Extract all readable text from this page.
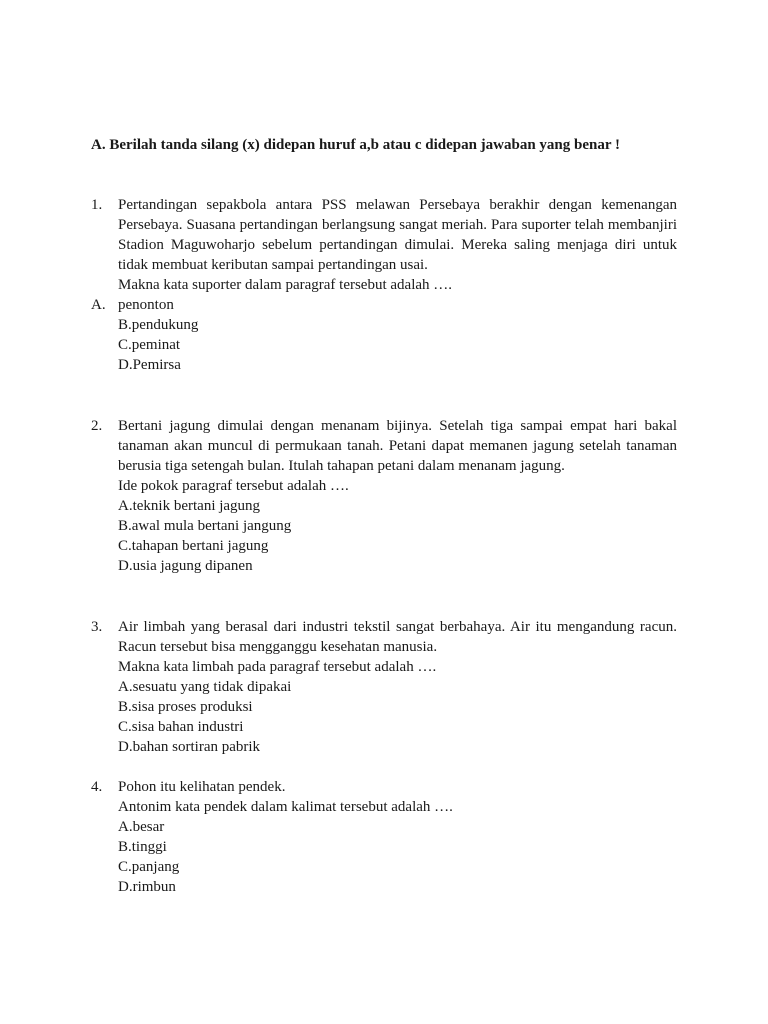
A. Berilah tanda silang (x) didepan huruf a,b atau c didepan jawaban yang benar !
1.	Pertandingan sepakbola antara PSS melawan Persebaya berakhir dengan kemenangan Persebaya. Suasana pertandingan berlangsung sangat meriah. Para suporter telah membanjiri Stadion Maguwoharjo sebelum pertandingan dimulai. Mereka saling menjaga diri untuk tidak membuat keributan sampai pertandingan usai.
Makna kata suporter dalam paragraf tersebut adalah ….
A. penonton
B.pendukung
C.peminat
D.Pemirsa
2.	Bertani jagung dimulai dengan menanam bijinya. Setelah tiga sampai empat hari bakal tanaman akan muncul di permukaan tanah. Petani dapat memanen jagung setelah tanaman berusia tiga setengah bulan. Itulah tahapan petani dalam menanam jagung.
Ide pokok paragraf tersebut adalah ….
A.teknik bertani jagung
B.awal mula bertani jangung
C.tahapan bertani jagung
D.usia jagung dipanen
3.	Air limbah yang berasal dari industri tekstil sangat berbahaya. Air itu mengandung racun. Racun tersebut bisa mengganggu kesehatan manusia.
Makna kata limbah pada paragraf tersebut adalah ….
A.sesuatu yang tidak dipakai
B.sisa proses produksi
C.sisa bahan industri
D.bahan sortiran pabrik
4.	Pohon itu kelihatan pendek.
Antonim kata pendek dalam kalimat tersebut adalah ….
A.besar
B.tinggi
C.panjang
D.rimbun
